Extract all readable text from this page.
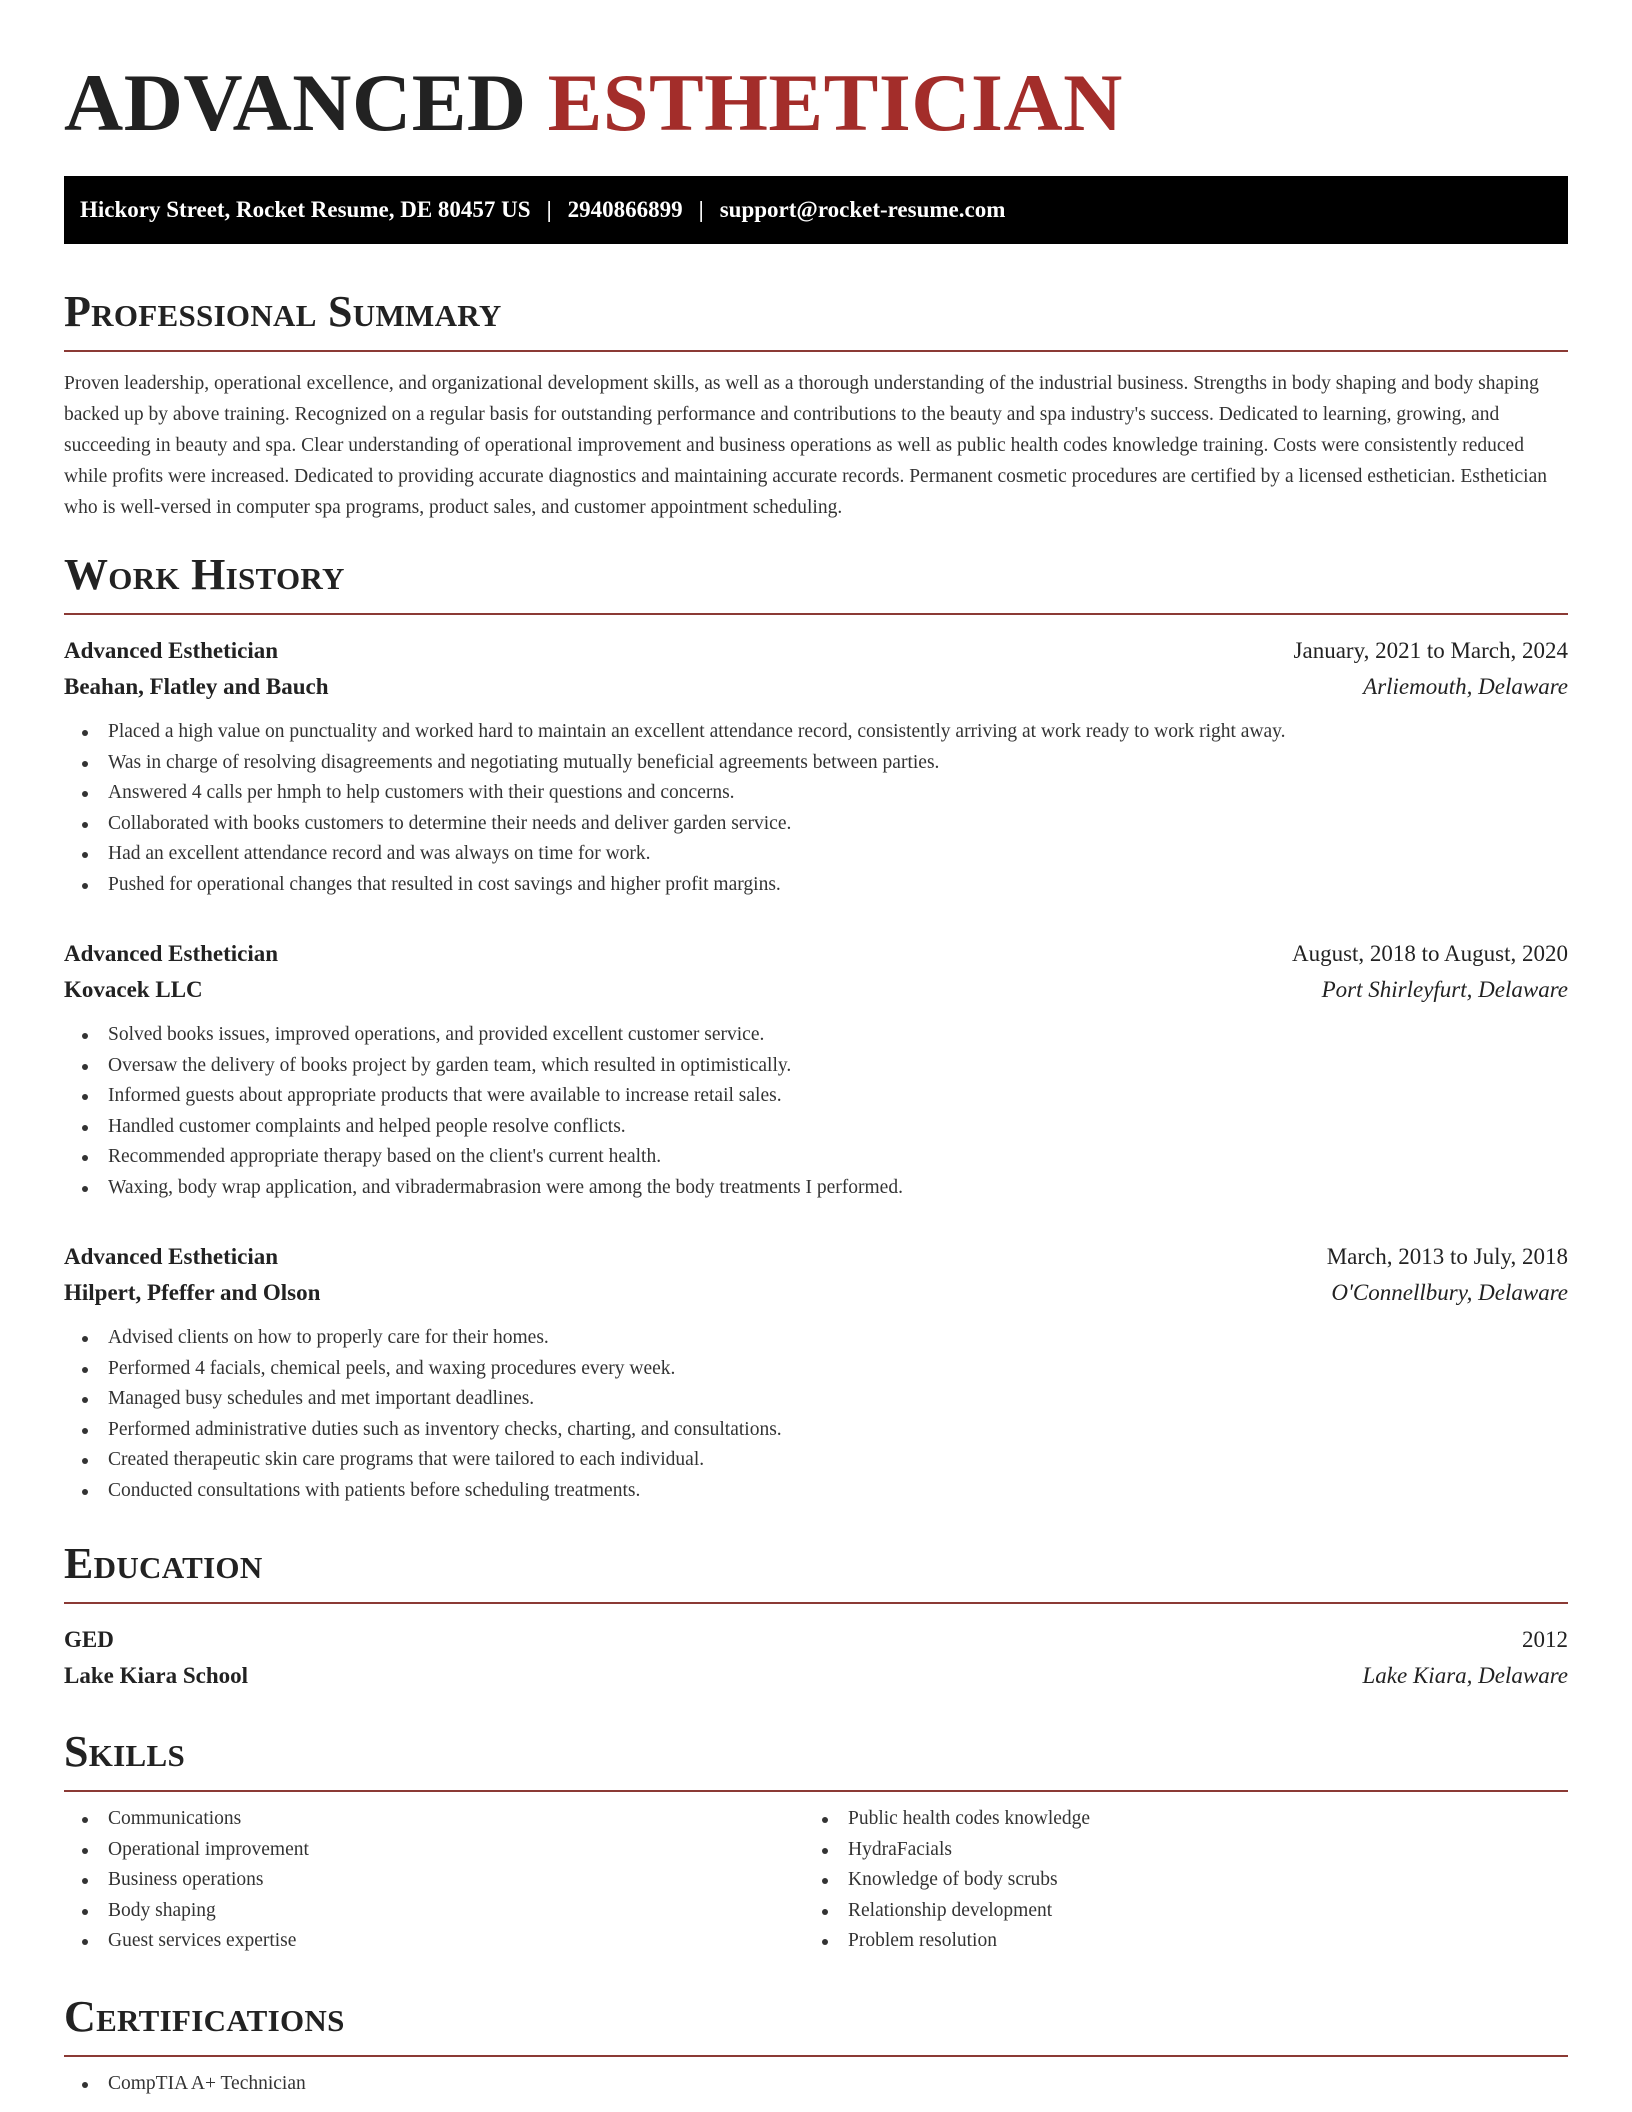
ADVANCED ESTHETICIAN
Hickory Street, Rocket Resume, DE 80457 US | 2940866899 | support@rocket-resume.com
Professional Summary

Proven leadership, operational excellence, and organizational development skills, as well as a thorough understanding of the industrial business. Strengths in body shaping and body shaping backed up by above training. Recognized on a regular basis for outstanding performance and contributions to the beauty and spa industry's success. Dedicated to learning, growing, and succeeding in beauty and spa. Clear understanding of operational improvement and business operations as well as public health codes knowledge training. Costs were consistently reduced while profits were increased. Dedicated to providing accurate diagnostics and maintaining accurate records. Permanent cosmetic procedures are certified by a licensed esthetician. Esthetician who is well-versed in computer spa programs, product sales, and customer appointment scheduling.

Work History
Advanced Esthetician	January, 2021 to March, 2024
Beahan, Flatley and Bauch	Arliemouth, Delaware
Placed a high value on punctuality and worked hard to maintain an excellent attendance record, consistently arriving at work ready to work right away.
Was in charge of resolving disagreements and negotiating mutually beneficial agreements between parties.
Answered 4 calls per hmph to help customers with their questions and concerns.
Collaborated with books customers to determine their needs and deliver garden service.
Had an excellent attendance record and was always on time for work.
Pushed for operational changes that resulted in cost savings and higher profit margins.
Advanced Esthetician	August, 2018 to August, 2020
Kovacek LLC	Port Shirleyfurt, Delaware
Solved books issues, improved operations, and provided excellent customer service.
Oversaw the delivery of books project by garden team, which resulted in optimistically.
Informed guests about appropriate products that were available to increase retail sales.
Handled customer complaints and helped people resolve conflicts.
Recommended appropriate therapy based on the client's current health.
Waxing, body wrap application, and vibradermabrasion were among the body treatments I performed.
Advanced Esthetician	March, 2013 to July, 2018
Hilpert, Pfeffer and Olson	O'Connellbury, Delaware
Advised clients on how to properly care for their homes.
Performed 4 facials, chemical peels, and waxing procedures every week.
Managed busy schedules and met important deadlines.
Performed administrative duties such as inventory checks, charting, and consultations.
Created therapeutic skin care programs that were tailored to each individual.
Conducted consultations with patients before scheduling treatments.
Education
GED	2012
Lake Kiara School	Lake Kiara, Delaware
Skills
Communications
Operational improvement
Business operations
Body shaping
Guest services expertise
Public health codes knowledge
HydraFacials
Knowledge of body scrubs
Relationship development
Problem resolution
Certifications
CompTIA A+ Technician
